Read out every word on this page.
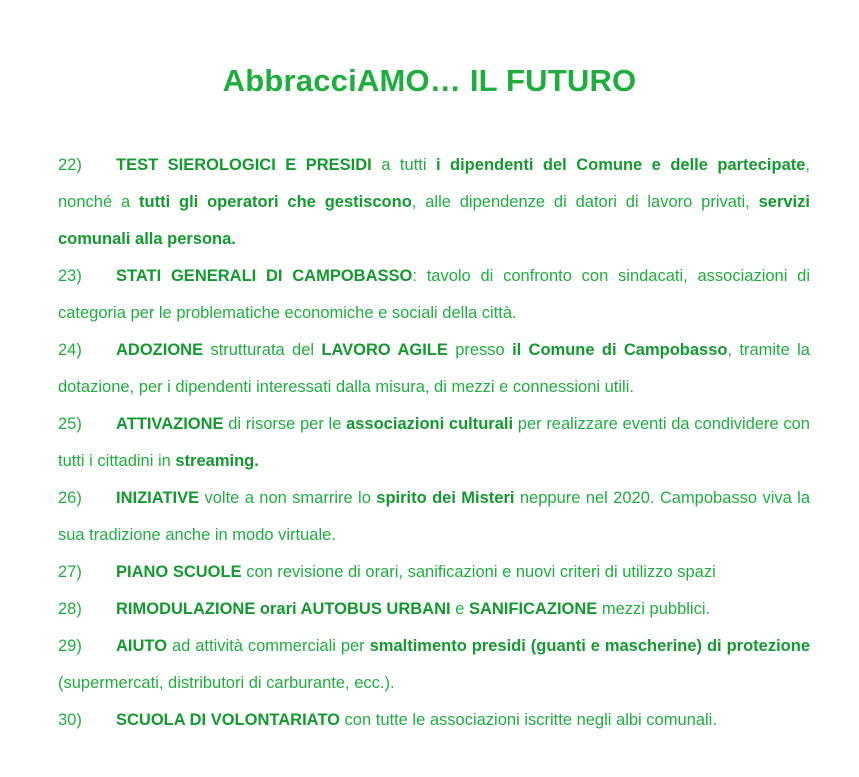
AbbracciAMO… IL FUTURO
22) TEST SIEROLOGICI E PRESIDI a tutti i dipendenti del Comune e delle partecipate, nonché a tutti gli operatori che gestiscono, alle dipendenze di datori di lavoro privati, servizi comunali alla persona.
23) STATI GENERALI DI CAMPOBASSO: tavolo di confronto con sindacati, associazioni di categoria per le problematiche economiche e sociali della città.
24) ADOZIONE strutturata del LAVORO AGILE presso il Comune di Campobasso, tramite la dotazione, per i dipendenti interessati dalla misura, di mezzi e connessioni utili.
25) ATTIVAZIONE di risorse per le associazioni culturali per realizzare eventi da condividere con tutti i cittadini in streaming.
26) INIZIATIVE volte a non smarrire lo spirito dei Misteri neppure nel 2020. Campobasso viva la sua tradizione anche in modo virtuale.
27) PIANO SCUOLE con revisione di orari, sanificazioni e nuovi criteri di utilizzo spazi
28) RIMODULAZIONE orari AUTOBUS URBANI e SANIFICAZIONE mezzi pubblici.
29) AIUTO ad attività commerciali per smaltimento presidi (guanti e mascherine) di protezione (supermercati, distributori di carburante, ecc.).
30) SCUOLA DI VOLONTARIATO con tutte le associazioni iscritte negli albi comunali.
